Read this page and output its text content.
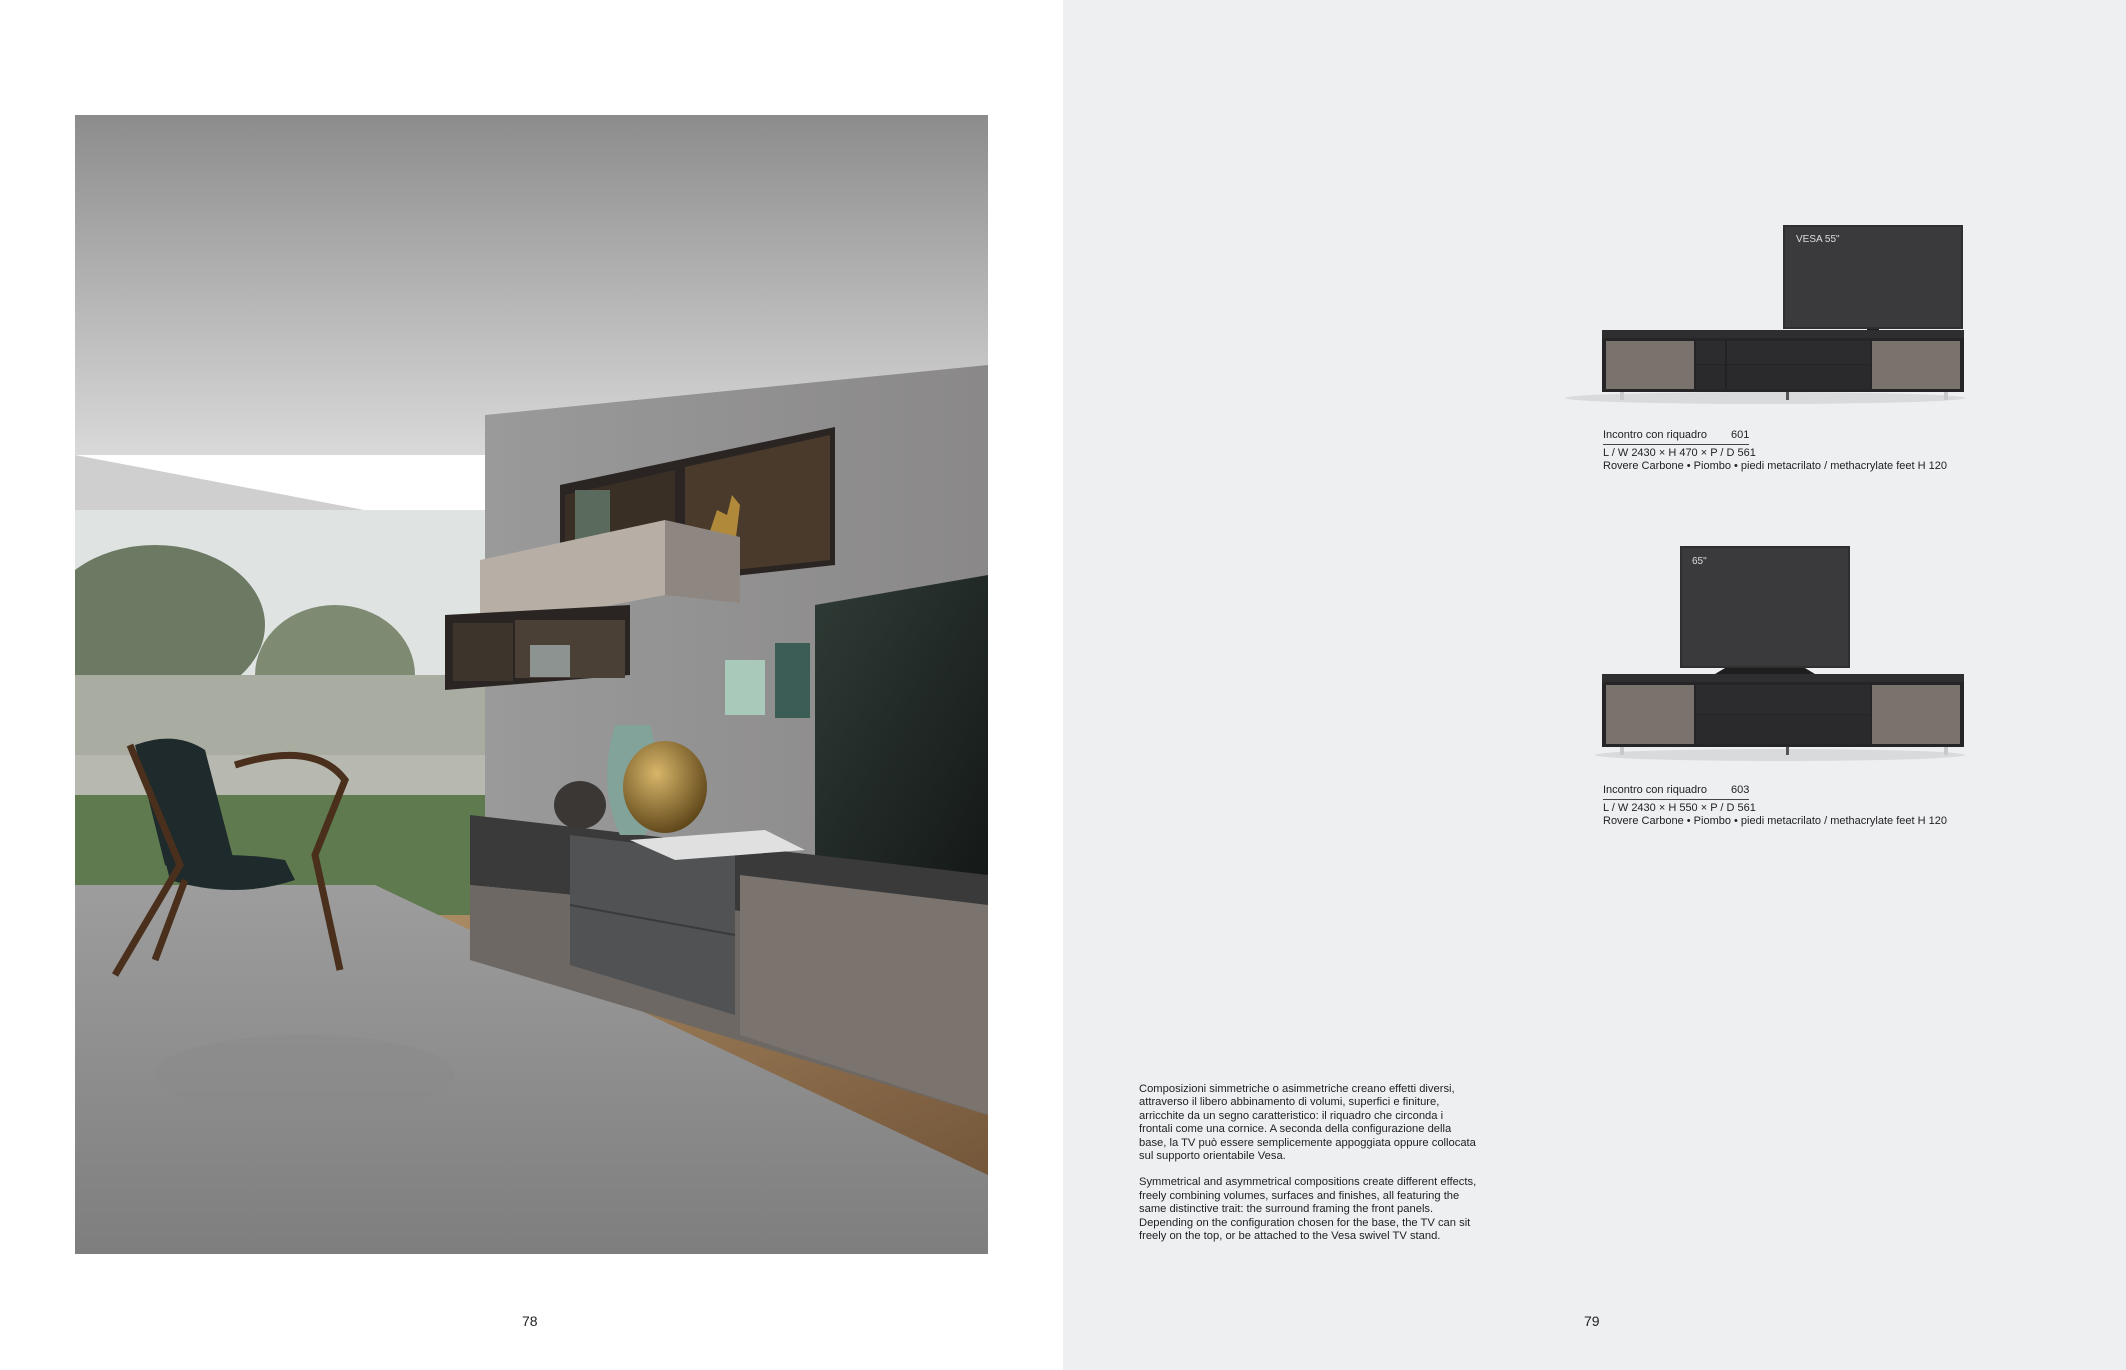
78
VESA 55"
Incontro con riquadro 601
L / W 2430 × H 470 × P / D 561
Rovere Carbone • Piombo • piedi metacrilato / methacrylate feet H 120
65"
Incontro con riquadro 603
L / W 2430 × H 550 × P / D 561
Rovere Carbone • Piombo • piedi metacrilato / methacrylate feet H 120

Composizioni simmetriche o asimmetriche creano effetti diversi, attraverso il libero abbinamento di volumi, superfici e finiture, arricchite da un segno caratteristico: il riquadro che circonda i frontali come una cornice. A seconda della configurazione della base, la TV può essere semplicemente appoggiata oppure collocata sul supporto orientabile Vesa.

Symmetrical and asymmetrical compositions create different effects, freely combining volumes, surfaces and finishes, all featuring the same distinctive trait: the surround framing the front panels. Depending on the configuration chosen for the base, the TV can sit freely on the top, or be attached to the Vesa swivel TV stand.

79
